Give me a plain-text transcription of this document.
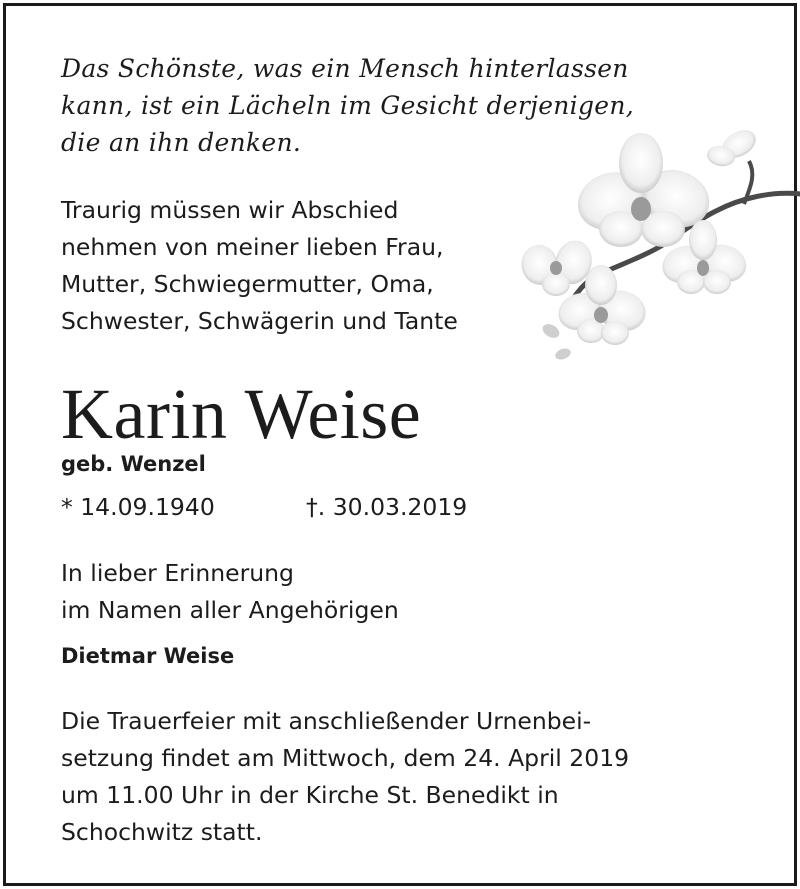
Das Schönste, was ein Mensch hinterlassen
kann, ist ein Lächeln im Gesicht derjenigen,
die an ihn denken.
Traurig müssen wir Abschied
nehmen von meiner lieben Frau,
Mutter, Schwiegermutter, Oma,
Schwester, Schwägerin und Tante
Karin Weise
geb. Wenzel
* 14.09.1940	†. 30.03.2019
In lieber Erinnerung
im Namen aller Angehörigen
Dietmar Weise
Die Trauerfeier mit anschließender Urnenbei-
setzung findet am Mittwoch, dem 24. April 2019
um 11.00 Uhr in der Kirche St. Benedikt in
Schochwitz statt.
